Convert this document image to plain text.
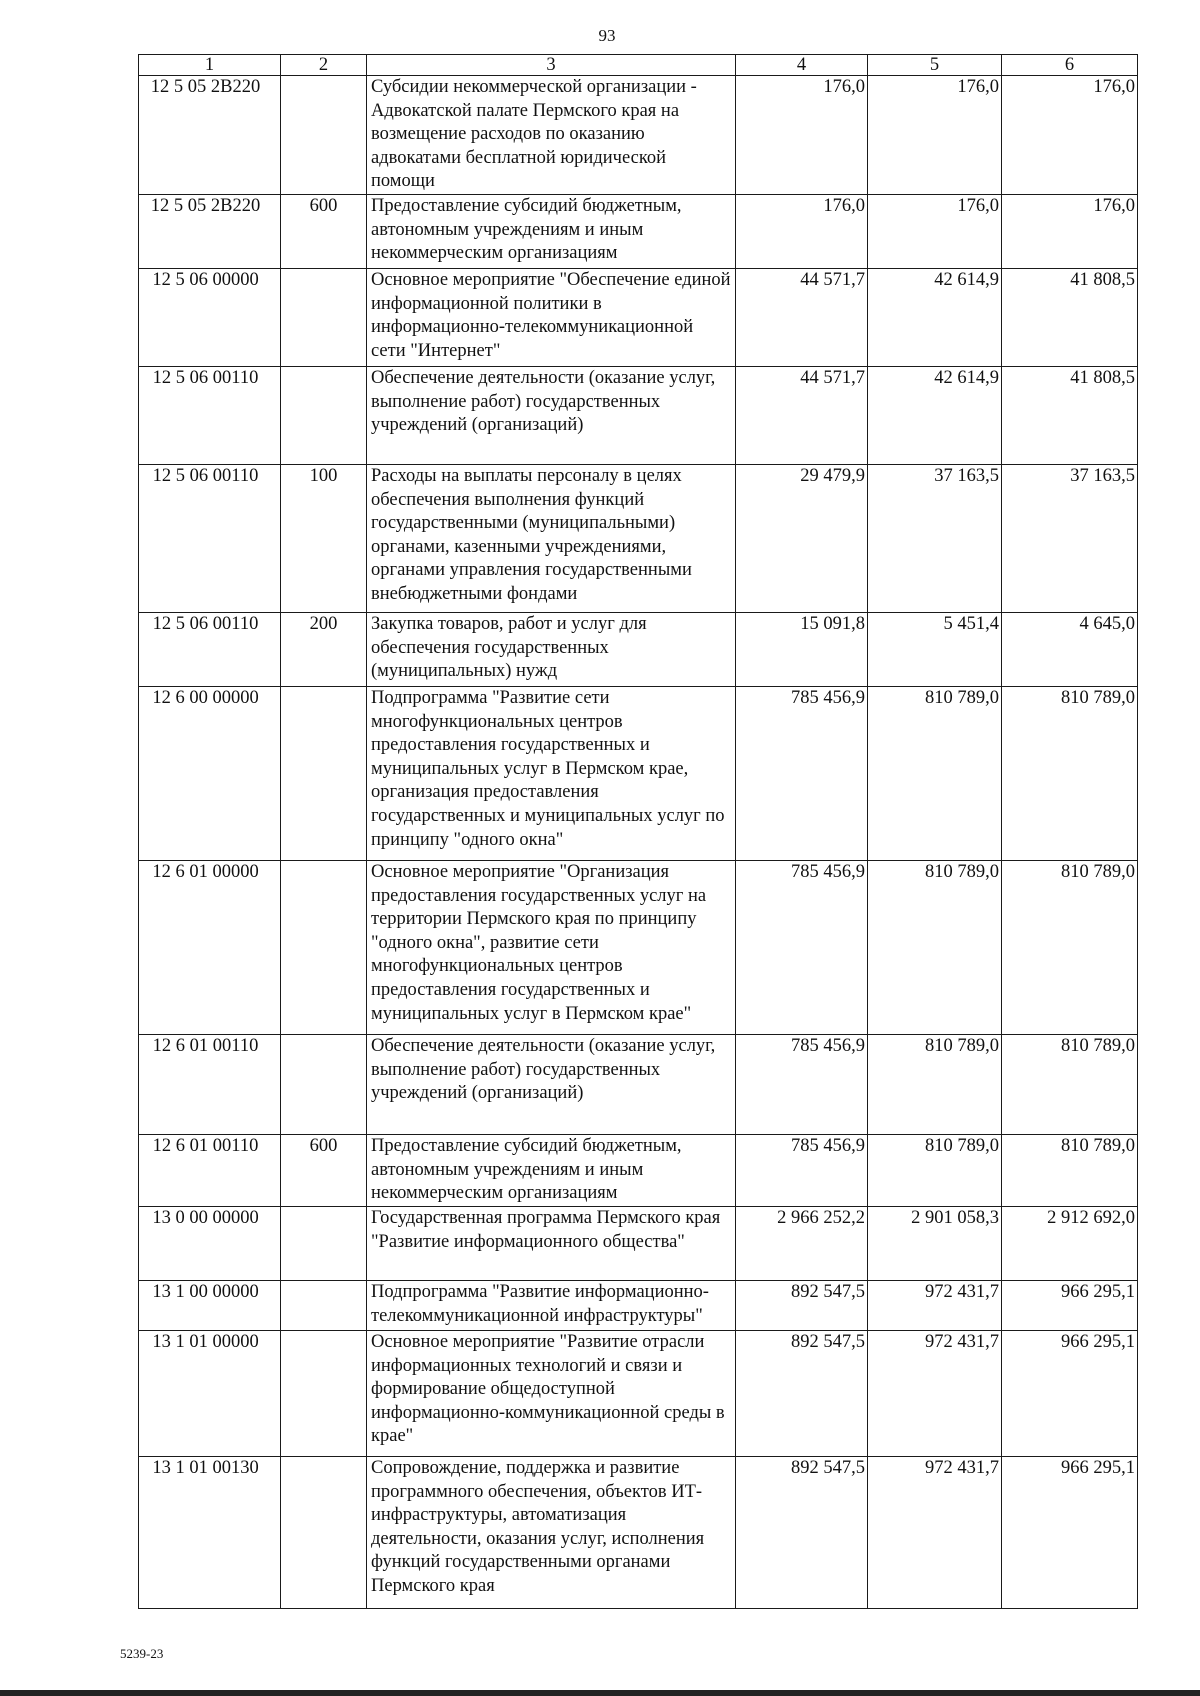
93
1	2	3	4	5	6
12 5 05 2В220		Субсидии некоммерческой организации - Адвокатской палате Пермского края на возмещение расходов по оказанию адвокатами бесплатной юридической помощи	176,0	176,0	176,0
12 5 05 2В220	600	Предоставление субсидий бюджетным, автономным учреждениям и иным некоммерческим организациям	176,0	176,0	176,0
12 5 06 00000		Основное мероприятие "Обеспечение единой информационной политики в информационно-телекоммуникационной сети "Интернет"	44 571,7	42 614,9	41 808,5
12 5 06 00110		Обеспечение деятельности (оказание услуг, выполнение работ) государственных учреждений (организаций)	44 571,7	42 614,9	41 808,5
12 5 06 00110	100	Расходы на выплаты персоналу в целях обеспечения выполнения функций государственными (муниципальными) органами, казенными учреждениями, органами управления государственными внебюджетными фондами	29 479,9	37 163,5	37 163,5
12 5 06 00110	200	Закупка товаров, работ и услуг для обеспечения государственных (муниципальных) нужд	15 091,8	5 451,4	4 645,0
12 6 00 00000		Подпрограмма "Развитие сети многофункциональных центров предоставления государственных и муниципальных услуг в Пермском крае, организация предоставления государственных и муниципальных услуг по принципу "одного окна"	785 456,9	810 789,0	810 789,0
12 6 01 00000		Основное мероприятие "Организация предоставления государственных услуг на территории Пермского края по принципу "одного окна", развитие сети многофункциональных центров предоставления государственных и муниципальных услуг в Пермском крае"	785 456,9	810 789,0	810 789,0
12 6 01 00110		Обеспечение деятельности (оказание услуг, выполнение работ) государственных учреждений (организаций)	785 456,9	810 789,0	810 789,0
12 6 01 00110	600	Предоставление субсидий бюджетным, автономным учреждениям и иным некоммерческим организациям	785 456,9	810 789,0	810 789,0
13 0 00 00000		Государственная программа Пермского края "Развитие информационного общества"	2 966 252,2	2 901 058,3	2 912 692,0
13 1 00 00000		Подпрограмма "Развитие информационно-телекоммуникационной инфраструктуры"	892 547,5	972 431,7	966 295,1
13 1 01 00000		Основное мероприятие "Развитие отрасли информационных технологий и связи и формирование общедоступной информационно-коммуникационной среды в крае"	892 547,5	972 431,7	966 295,1
13 1 01 00130		Сопровождение, поддержка и развитие программного обеспечения, объектов ИТ-инфраструктуры, автоматизация деятельности, оказания услуг, исполнения функций государственными органами Пермского края	892 547,5	972 431,7	966 295,1
5239-23
